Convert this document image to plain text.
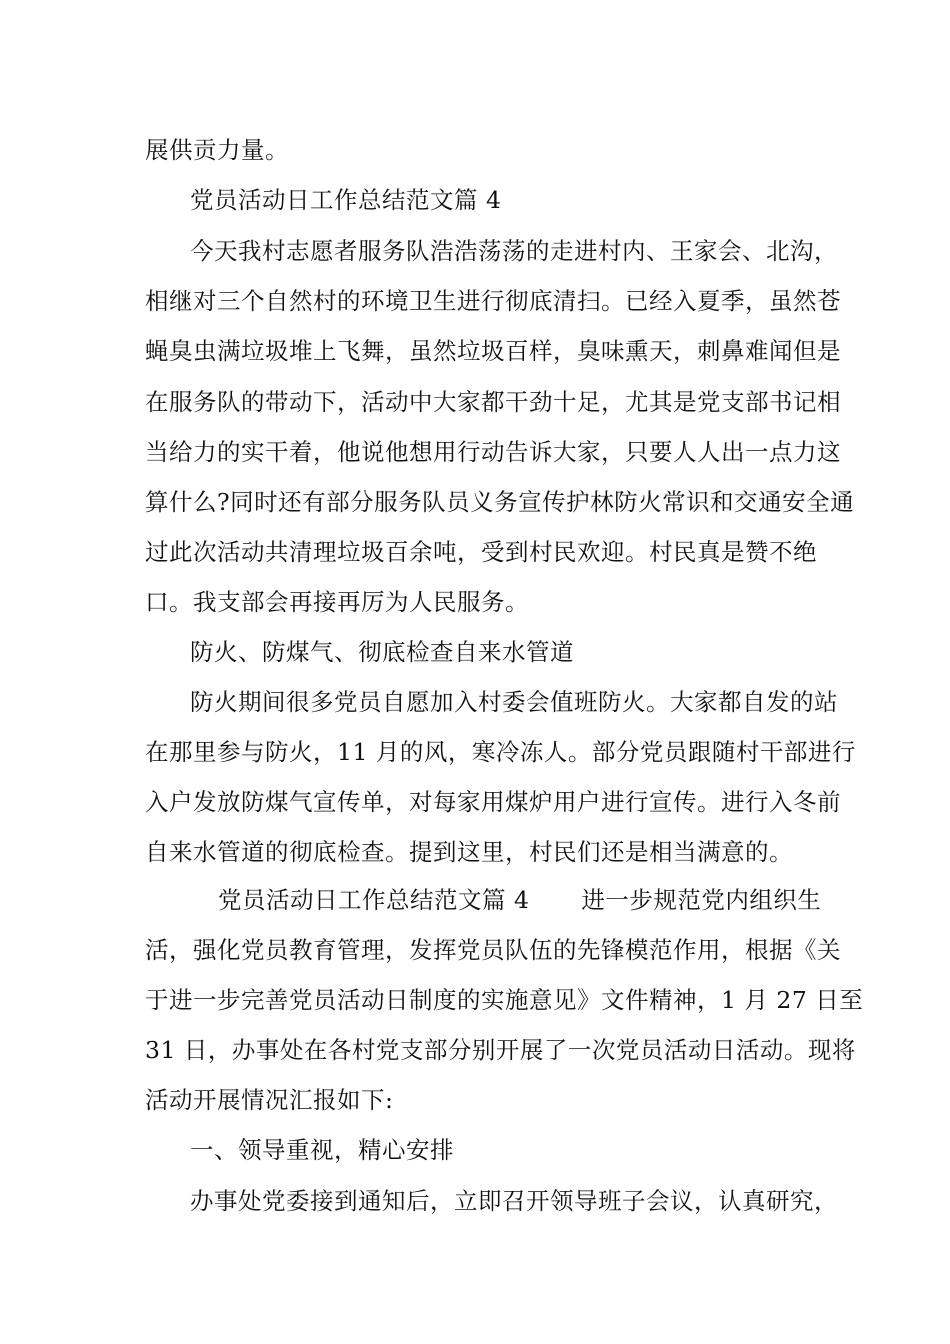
展供贡力量。
党员活动日工作总结范文篇 4
今天我村志愿者服务队浩浩荡荡的走进村内、王家会、北沟，
相继对三个自然村的环境卫生进行彻底清扫。已经入夏季，虽然苍
蝇臭虫满垃圾堆上飞舞，虽然垃圾百样，臭味熏天，刺鼻难闻但是
在服务队的带动下，活动中大家都干劲十足，尤其是党支部书记相
当给力的实干着，他说他想用行动告诉大家，只要人人出一点力这
算什么?同时还有部分服务队员义务宣传护林防火常识和交通安全通
过此次活动共清理垃圾百余吨，受到村民欢迎。村民真是赞不绝
口。我支部会再接再厉为人民服务。
防火、防煤气、彻底检查自来水管道
防火期间很多党员自愿加入村委会值班防火。大家都自发的站
在那里参与防火，11 月的风，寒冷冻人。部分党员跟随村干部进行
入户发放防煤气宣传单，对每家用煤炉用户进行宣传。进行入冬前
自来水管道的彻底检查。提到这里，村民们还是相当满意的。
党员活动日工作总结范文篇 4 进一步规范党内组织生
活，强化党员教育管理，发挥党员队伍的先锋模范作用，根据《关
于进一步完善党员活动日制度的实施意见》文件精神，1 月 27 日至
31 日，办事处在各村党支部分别开展了一次党员活动日活动。现将
活动开展情况汇报如下:
一、领导重视，精心安排
办事处党委接到通知后，立即召开领导班子会议，认真研究，
